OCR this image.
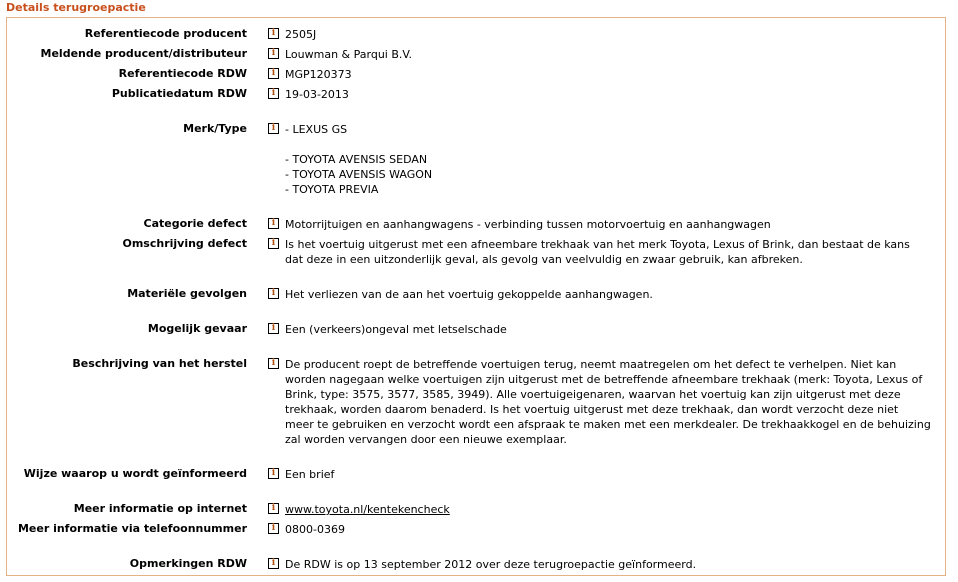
Details terugroepactie
Referentiecode producent	i 2505J
Meldende producent/distributeur	i Louwman & Parqui B.V.
Referentiecode RDW	i MGP120373
Publicatiedatum RDW	i 19-03-2013
Merk/Type	i - LEXUS GS
- TOYOTA AVENSIS SEDAN
- TOYOTA AVENSIS WAGON
- TOYOTA PREVIA
Categorie defect	i Motorrijtuigen en aanhangwagens - verbinding tussen motorvoertuig en aanhangwagen
Omschrijving defect	i Is het voertuig uitgerust met een afneembare trekhaak van het merk Toyota, Lexus of Brink, dan bestaat de kans
dat deze in een uitzonderlijk geval, als gevolg van veelvuldig en zwaar gebruik, kan afbreken.
Materiële gevolgen	i Het verliezen van de aan het voertuig gekoppelde aanhangwagen.
Mogelijk gevaar	i Een (verkeers)ongeval met letselschade
Beschrijving van het herstel	i De producent roept de betreffende voertuigen terug, neemt maatregelen om het defect te verhelpen. Niet kan
worden nagegaan welke voertuigen zijn uitgerust met de betreffende afneembare trekhaak (merk: Toyota, Lexus of
Brink, type: 3575, 3577, 3585, 3949). Alle voertuigeigenaren, waarvan het voertuig kan zijn uitgerust met deze
trekhaak, worden daarom benaderd. Is het voertuig uitgerust met deze trekhaak, dan wordt verzocht deze niet
meer te gebruiken en verzocht wordt een afspraak te maken met een merkdealer. De trekhaakkogel en de behuizing
zal worden vervangen door een nieuwe exemplaar.
Wijze waarop u wordt geïnformeerd	i Een brief
Meer informatie op internet	i www.toyota.nl/kentekencheck
Meer informatie via telefoonnummer	i 0800-0369
Opmerkingen RDW	i De RDW is op 13 september 2012 over deze terugroepactie geïnformeerd.
